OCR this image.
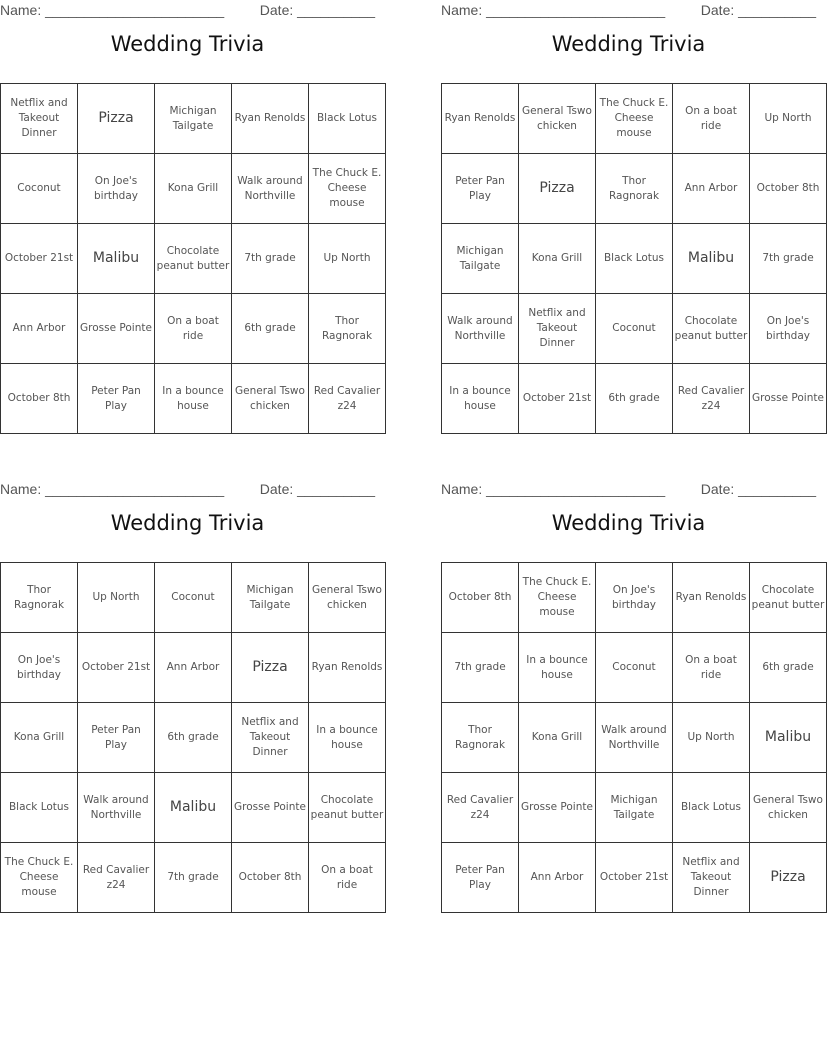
Name: _______________________	Date: __________
Wedding Trivia
Netflix and Takeout Dinner	Pizza	Michigan Tailgate	Ryan Renolds	Black Lotus
Coconut	On Joe's birthday	Kona Grill	Walk around Northville	The Chuck E. Cheese mouse
October 21st	Malibu	Chocolate peanut butter	7th grade	Up North
Ann Arbor	Grosse Pointe	On a boat ride	6th grade	Thor Ragnorak
October 8th	Peter Pan Play	In a bounce house	General Tswo chicken	Red Cavalier z24
Name: _______________________	Date: __________
Wedding Trivia
Ryan Renolds	General Tswo chicken	The Chuck E. Cheese mouse	On a boat ride	Up North
Peter Pan Play	Pizza	Thor Ragnorak	Ann Arbor	October 8th
Michigan Tailgate	Kona Grill	Black Lotus	Malibu	7th grade
Walk around Northville	Netflix and Takeout Dinner	Coconut	Chocolate peanut butter	On Joe's birthday
In a bounce house	October 21st	6th grade	Red Cavalier z24	Grosse Pointe
Name: _______________________	Date: __________
Wedding Trivia
Thor Ragnorak	Up North	Coconut	Michigan Tailgate	General Tswo chicken
On Joe's birthday	October 21st	Ann Arbor	Pizza	Ryan Renolds
Kona Grill	Peter Pan Play	6th grade	Netflix and Takeout Dinner	In a bounce house
Black Lotus	Walk around Northville	Malibu	Grosse Pointe	Chocolate peanut butter
The Chuck E. Cheese mouse	Red Cavalier z24	7th grade	October 8th	On a boat ride
Name: _______________________	Date: __________
Wedding Trivia
October 8th	The Chuck E. Cheese mouse	On Joe's birthday	Ryan Renolds	Chocolate peanut butter
7th grade	In a bounce house	Coconut	On a boat ride	6th grade
Thor Ragnorak	Kona Grill	Walk around Northville	Up North	Malibu
Red Cavalier z24	Grosse Pointe	Michigan Tailgate	Black Lotus	General Tswo chicken
Peter Pan Play	Ann Arbor	October 21st	Netflix and Takeout Dinner	Pizza
